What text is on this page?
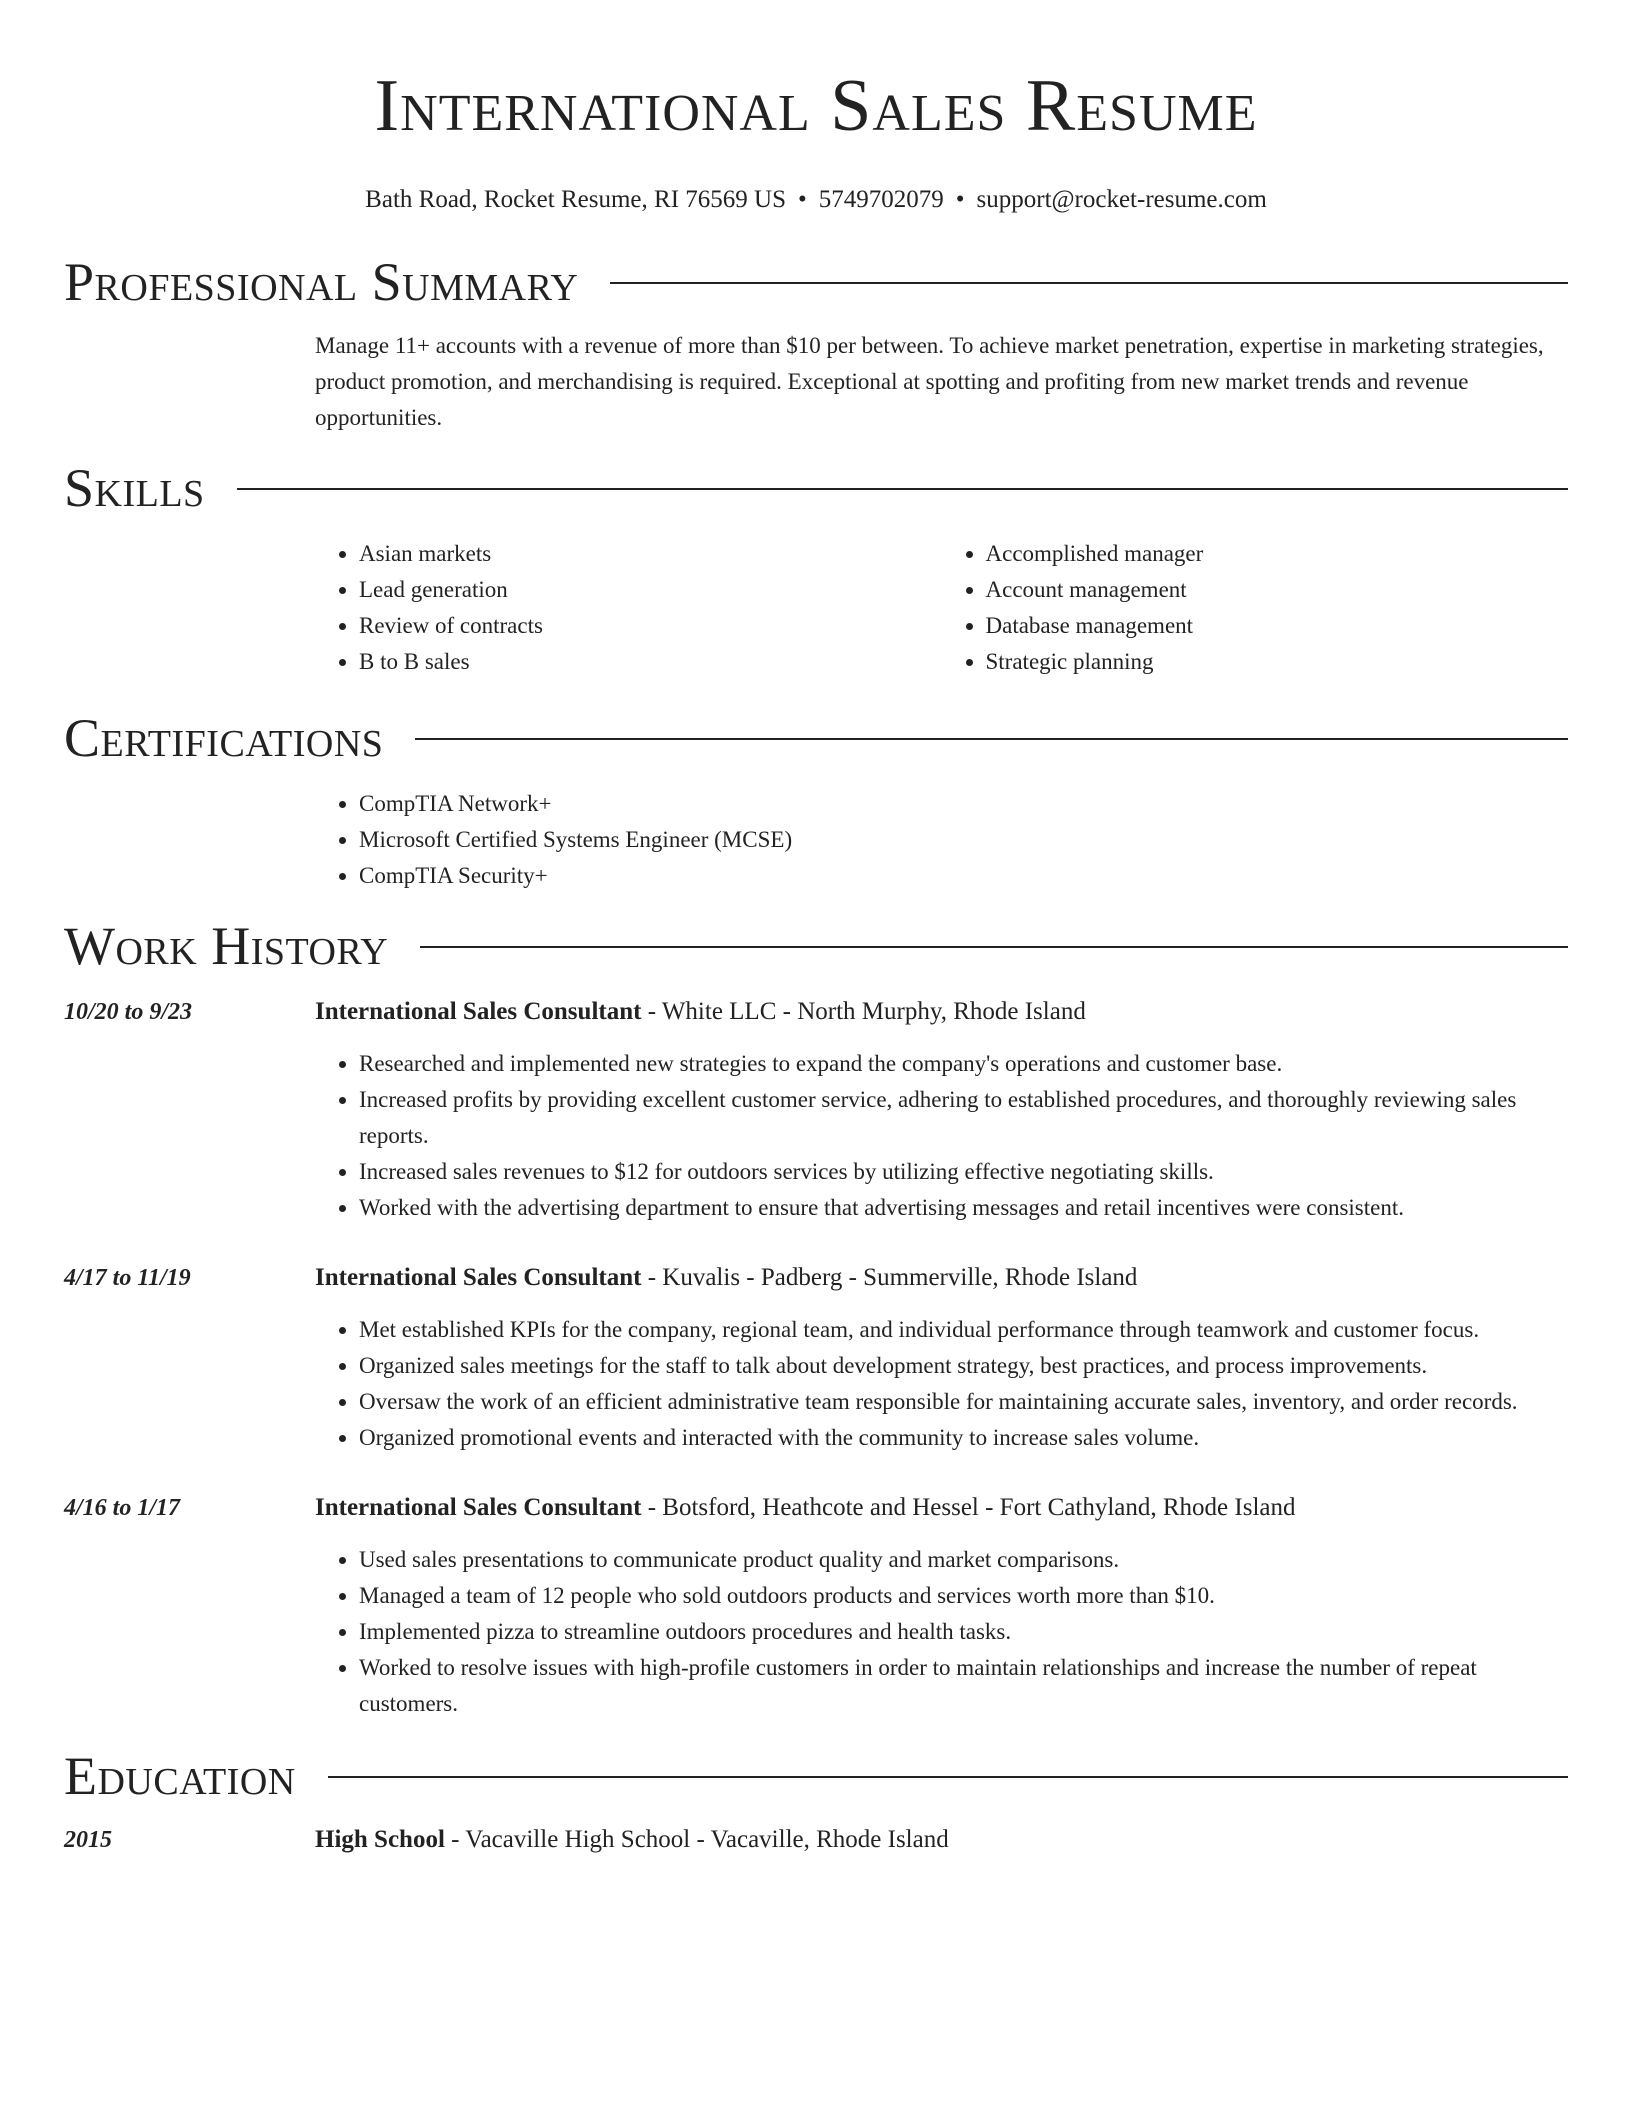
International Sales Resume
Bath Road, Rocket Resume, RI 76569 US • 5749702079 • support@rocket-resume.com
Professional Summary
Manage 11+ accounts with a revenue of more than $10 per between. To achieve market penetration, expertise in marketing strategies, product promotion, and merchandising is required. Exceptional at spotting and profiting from new market trends and revenue opportunities.
Skills
• Asian markets
• Lead generation
• Review of contracts
• B to B sales
• Accomplished manager
• Account management
• Database management
• Strategic planning
Certifications
• CompTIA Network+
• Microsoft Certified Systems Engineer (MCSE)
• CompTIA Security+
Work History
10/20 to 9/23	International Sales Consultant - White LLC - North Murphy, Rhode Island
• Researched and implemented new strategies to expand the company's operations and customer base.
• Increased profits by providing excellent customer service, adhering to established procedures, and thoroughly reviewing sales reports.
• Increased sales revenues to $12 for outdoors services by utilizing effective negotiating skills.
• Worked with the advertising department to ensure that advertising messages and retail incentives were consistent.
4/17 to 11/19	International Sales Consultant - Kuvalis - Padberg - Summerville, Rhode Island
• Met established KPIs for the company, regional team, and individual performance through teamwork and customer focus.
• Organized sales meetings for the staff to talk about development strategy, best practices, and process improvements.
• Oversaw the work of an efficient administrative team responsible for maintaining accurate sales, inventory, and order records.
• Organized promotional events and interacted with the community to increase sales volume.
4/16 to 1/17	International Sales Consultant - Botsford, Heathcote and Hessel - Fort Cathyland, Rhode Island
• Used sales presentations to communicate product quality and market comparisons.
• Managed a team of 12 people who sold outdoors products and services worth more than $10.
• Implemented pizza to streamline outdoors procedures and health tasks.
• Worked to resolve issues with high-profile customers in order to maintain relationships and increase the number of repeat customers.
Education
2015	High School - Vacaville High School - Vacaville, Rhode Island
